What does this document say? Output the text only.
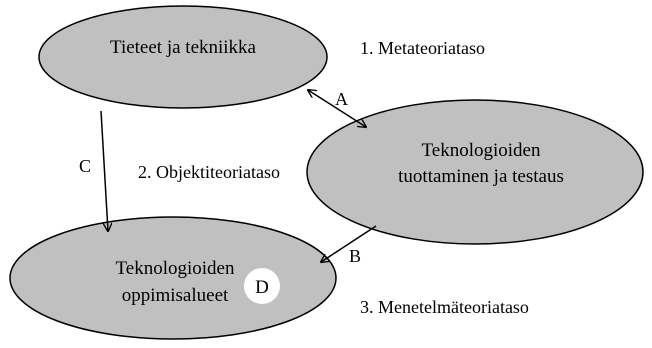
Tieteet ja tekniikka
Teknologioiden
tuottaminen ja testaus
Teknologioiden
oppimisalueet D
1. Metateoriataso
2. Objektiteoriataso
3. Menetelmäteoriataso
A
B
C
